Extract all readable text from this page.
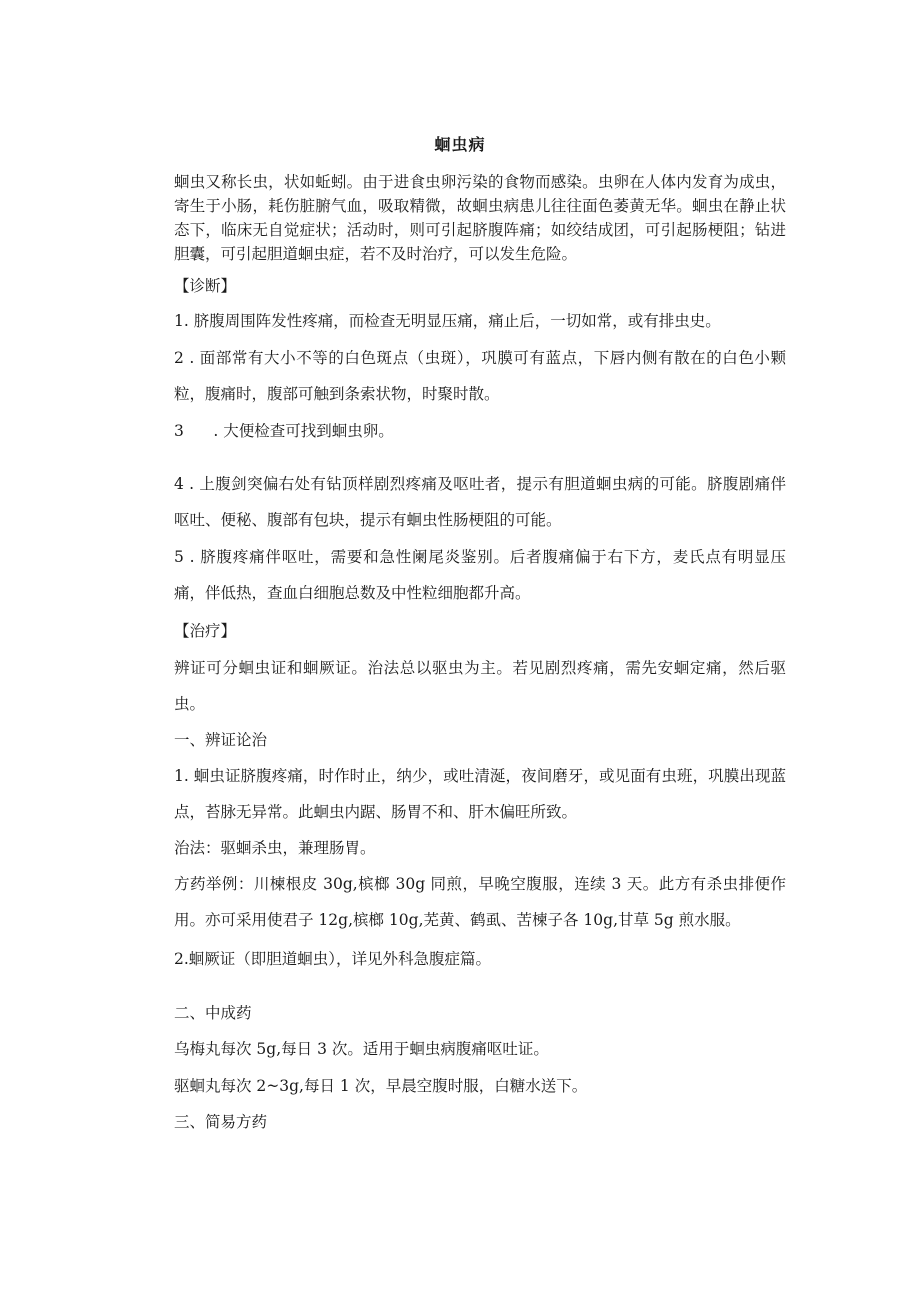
蛔虫病
蛔虫又称长虫，状如蚯蚓。由于进食虫卵污染的食物而感染。虫卵在人体内发育为成虫，寄生于小肠，耗伤脏腑气血，吸取精微，故蛔虫病患儿往往面色萎黄无华。蛔虫在静止状态下，临床无自觉症状；活动时，则可引起脐腹阵痛；如绞结成团，可引起肠梗阻；钻进胆囊，可引起胆道蛔虫症，若不及时治疗，可以发生危险。
【诊断】
1. 脐腹周围阵发性疼痛，而检查无明显压痛，痛止后，一切如常，或有排虫史。
2 . 面部常有大小不等的白色斑点（虫斑），巩膜可有蓝点，下唇内侧有散在的白色小颗粒，腹痛时，腹部可触到条索状物，时聚时散。
3      . 大便检查可找到蛔虫卵。
4 . 上腹剑突偏右处有钻顶样剧烈疼痛及呕吐者，提示有胆道蛔虫病的可能。脐腹剧痛伴呕吐、便秘、腹部有包块，提示有蛔虫性肠梗阻的可能。
5 . 脐腹疼痛伴呕吐，需要和急性阑尾炎鉴别。后者腹痛偏于右下方，麦氏点有明显压痛，伴低热，查血白细胞总数及中性粒细胞都升高。
【治疗】
辨证可分蛔虫证和蛔厥证。治法总以驱虫为主。若见剧烈疼痛，需先安蛔定痛，然后驱虫。
一、辨证论治
1. 蛔虫证脐腹疼痛，时作时止，纳少，或吐清涎，夜间磨牙，或见面有虫班，巩膜出现蓝点，苔脉无异常。此蛔虫内踞、肠胃不和、肝木偏旺所致。
治法：驱蛔杀虫，兼理肠胃。
方药举例：川楝根皮 30g,槟榔 30g 同煎，早晚空腹服，连续 3 天。此方有杀虫排便作用。亦可采用使君子 12g,槟榔 10g,芜黄、鹤虱、苦楝子各 10g,甘草 5g 煎水服。
2.蛔厥证（即胆道蛔虫），详见外科急腹症篇。
二、中成药
乌梅丸每次 5g,每日 3 次。适用于蛔虫病腹痛呕吐证。
驱蛔丸每次 2~3g,每日 1 次，早晨空腹时服，白糖水送下。
三、简易方药
